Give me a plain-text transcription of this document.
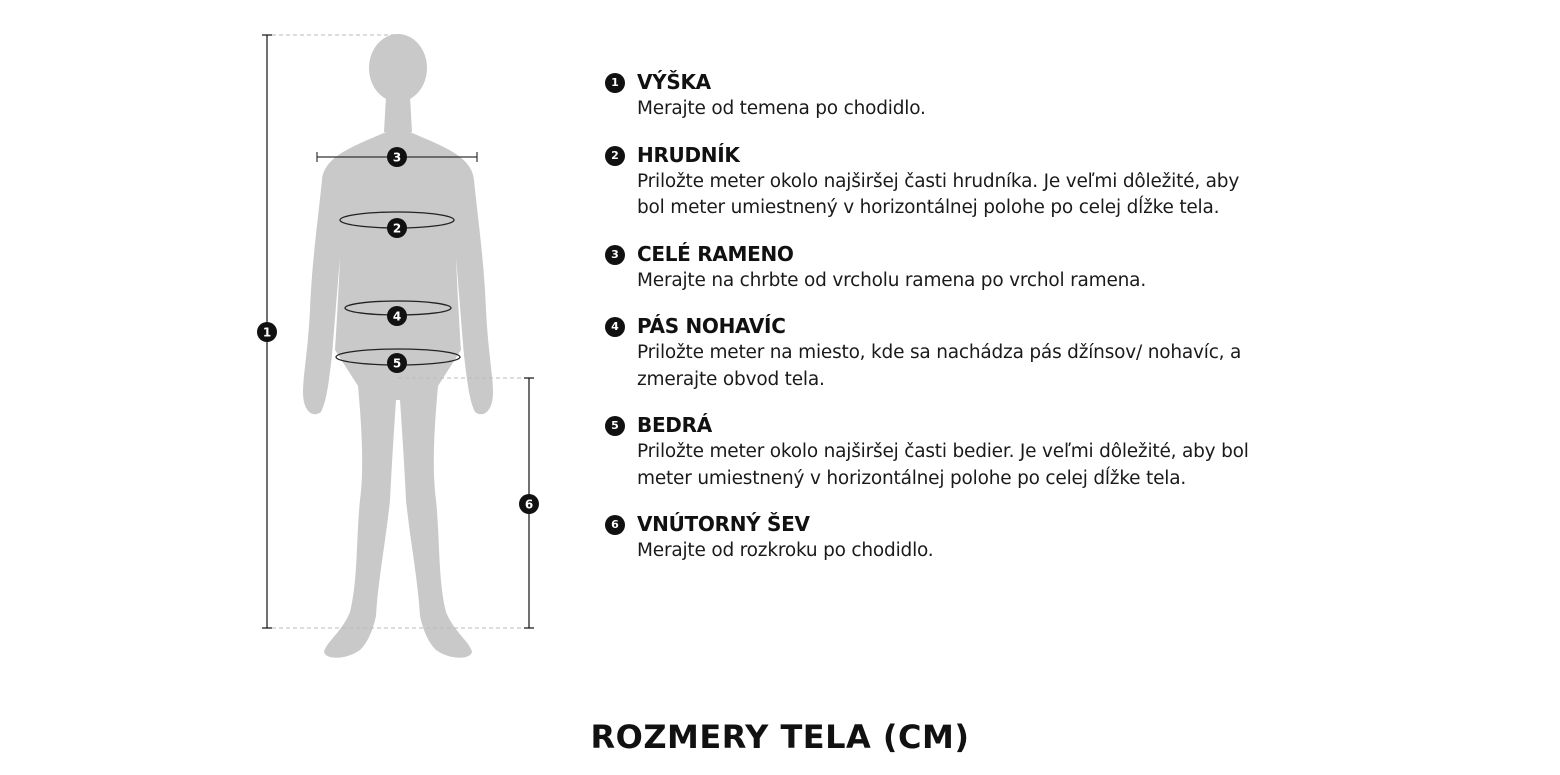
1
2
3
4
5
6
1 VÝŠKA
Merajte od temena po chodidlo.
2 HRUDNÍK
Priložte meter okolo najširšej časti hrudníka. Je veľmi dôležité, aby bol meter umiestnený v horizontálnej polohe po celej dĺžke tela.
3 CELÉ RAMENO
Merajte na chrbte od vrcholu ramena po vrchol ramena.
4 PÁS NOHAVÍC
Priložte meter na miesto, kde sa nachádza pás džínsov/ nohavíc, a zmerajte obvod tela.
5 BEDRÁ
Priložte meter okolo najširšej časti bedier. Je veľmi dôležité, aby bol meter umiestnený v horizontálnej polohe po celej dĺžke tela.
6 VNÚTORNÝ ŠEV
Merajte od rozkroku po chodidlo.
ROZMERY TELA (CM)
